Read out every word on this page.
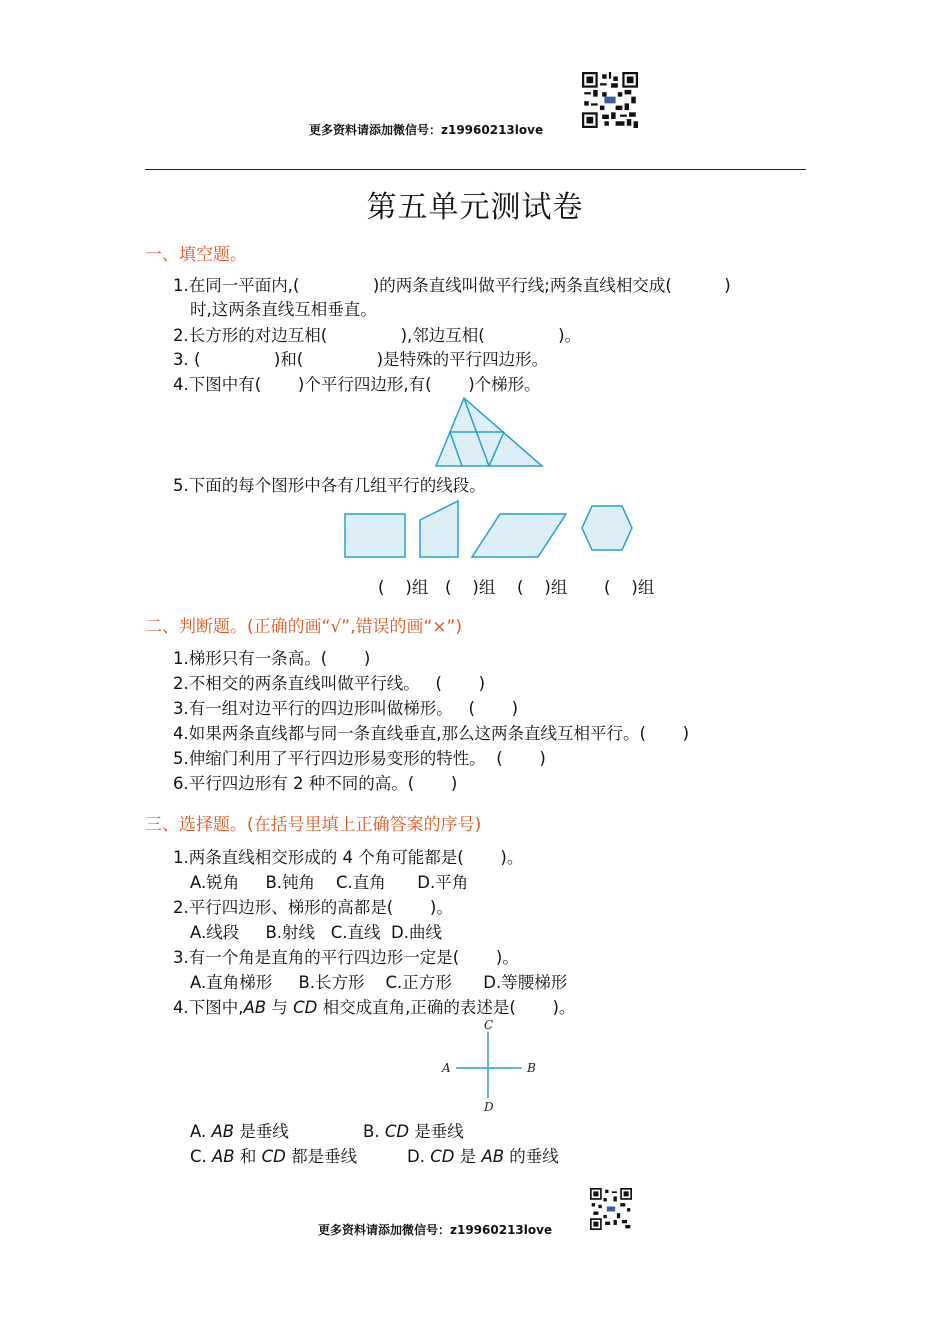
更多资料请添加微信号：z19960213love
第五单元测试卷
一、填空题。
1.在同一平面内,(              )的两条直线叫做平行线;两条直线相交成(          )
时,这两条直线互相垂直。
2.长方形的对边互相(              ),邻边互相(              )。
3. (              )和(              )是特殊的平行四边形。
4.下图中有(       )个平行四边形,有(       )个梯形。
5.下面的每个图形中各有几组平行的线段。
(    )组 (    )组 (    )组 (    )组
二、判断题。(正确的画“√”,错误的画“×”)
1.梯形只有一条高。(       )
2.不相交的两条直线叫做平行线。   (       )
3.有一组对边平行的四边形叫做梯形。   (       )
4.如果两条直线都与同一条直线垂直,那么这两条直线互相平行。(       )
5.伸缩门利用了平行四边形易变形的特性。  (       )
6.平行四边形有 2 种不同的高。(       )
三、选择题。(在括号里填上正确答案的序号)
1.两条直线相交形成的 4 个角可能都是(       )。
A.锐角     B.钝角    C.直角      D.平角
2.平行四边形、梯形的高都是(       )。
A.线段     B.射线   C.直线  D.曲线
3.有一个角是直角的平行四边形一定是(       )。
A.直角梯形     B.长方形    C.正方形      D.等腰梯形
4.下图中,AB 与 CD 相交成直角,正确的表述是(       )。
C
A	B
D
A. AB 是垂线	B. CD 是垂线
C. AB 和 CD 都是垂线	D. CD 是 AB 的垂线
更多资料请添加微信号：z19960213love
